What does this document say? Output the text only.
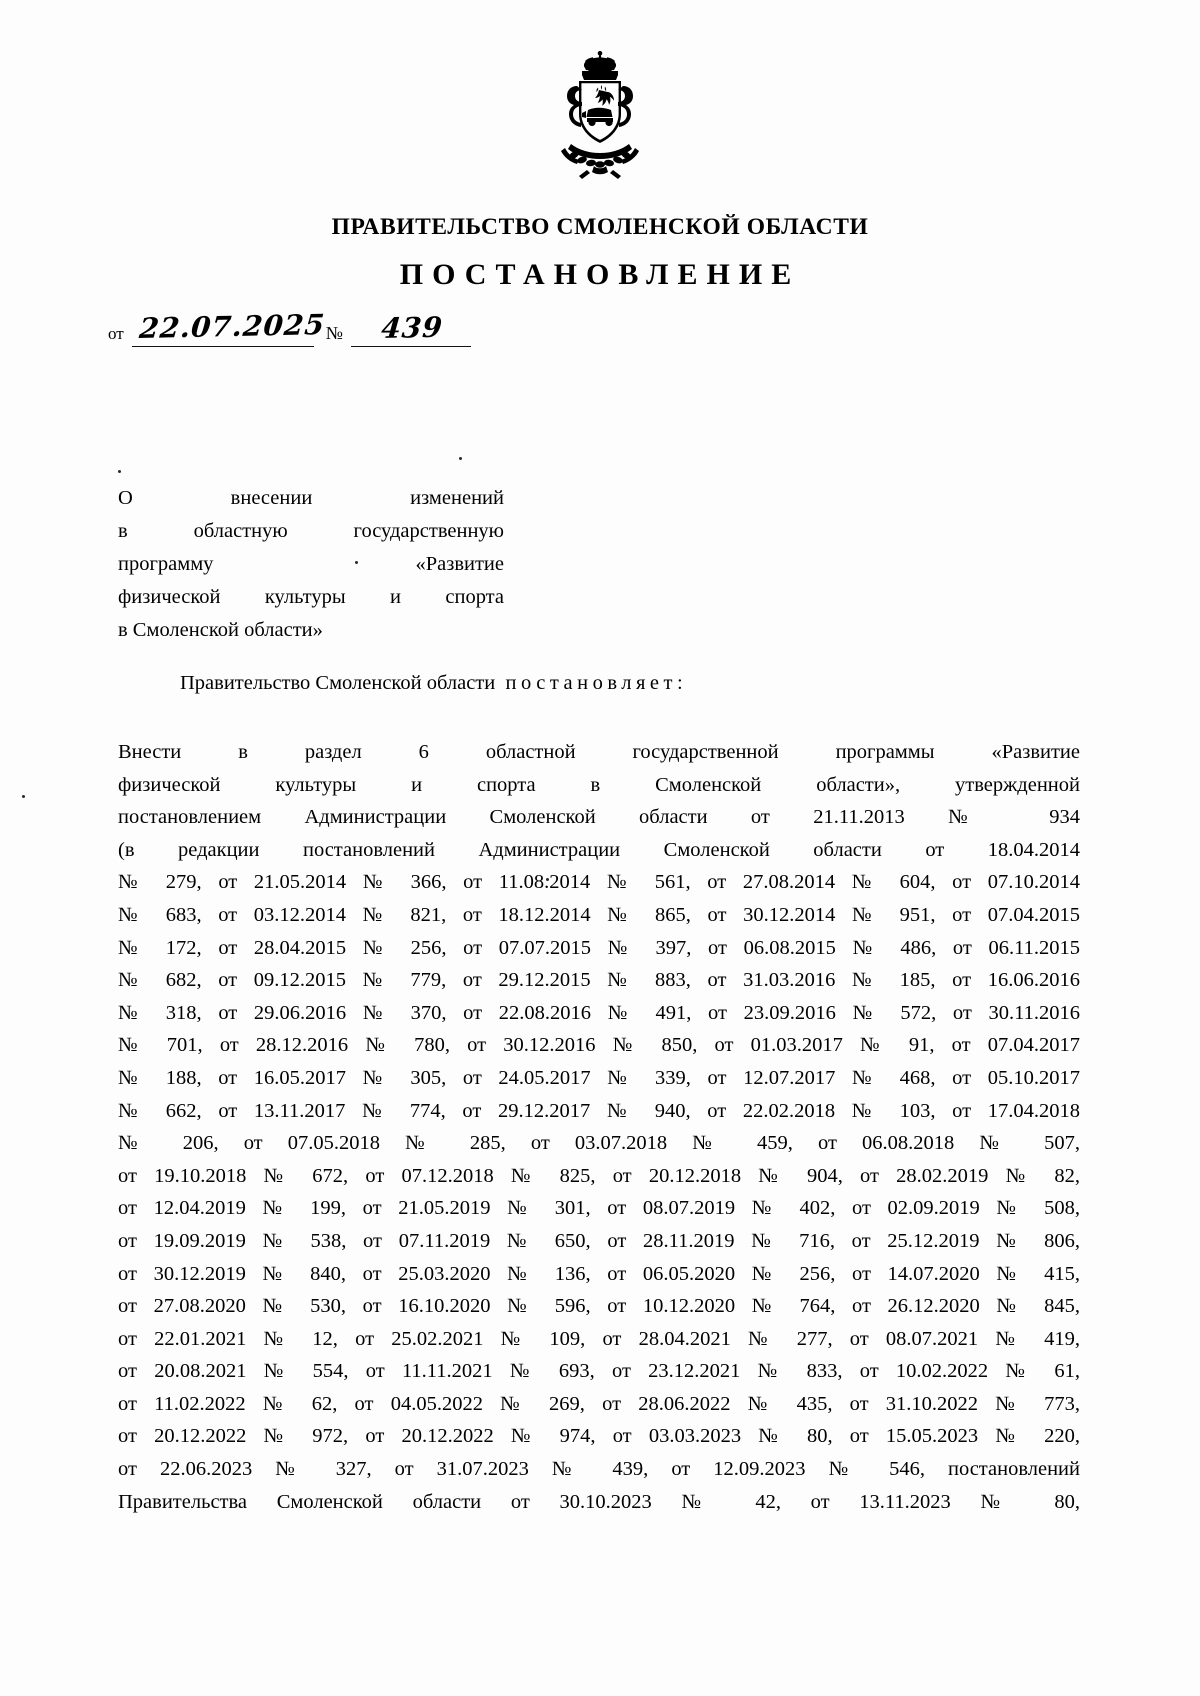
ПРАВИТЕЛЬСТВО СМОЛЕНСКОЙ ОБЛАСТИ
ПОСТАНОВЛЕНИЕ
от 22.07.2025 №	439
О внесении изменений
в областную государственную
программу «Развитие
физической культуры и спорта
в Смоленской области»
Правительство Смоленской области постановляет:
Внести в раздел 6 областной государственной программы «Развитие
физической культуры и спорта в Смоленской области», утвержденной
постановлением Администрации Смоленской области от 21.11.2013 № 934
(в редакции постановлений Администрации Смоленской области от 18.04.2014
№ 279, от 21.05.2014 № 366, от 11.08.2014 № 561, от 27.08.2014 № 604, от 07.10.2014
№ 683, от 03.12.2014 № 821, от 18.12.2014 № 865, от 30.12.2014 № 951, от 07.04.2015
№ 172, от 28.04.2015 № 256, от 07.07.2015 № 397, от 06.08.2015 № 486, от 06.11.2015
№ 682, от 09.12.2015 № 779, от 29.12.2015 № 883, от 31.03.2016 № 185, от 16.06.2016
№ 318, от 29.06.2016 № 370, от 22.08.2016 № 491, от 23.09.2016 № 572, от 30.11.2016
№ 701, от 28.12.2016 № 780, от 30.12.2016 № 850, от 01.03.2017 № 91, от 07.04.2017
№ 188, от 16.05.2017 № 305, от 24.05.2017 № 339, от 12.07.2017 № 468, от 05.10.2017
№ 662, от 13.11.2017 № 774, от 29.12.2017 № 940, от 22.02.2018 № 103, от 17.04.2018
№ 206, от 07.05.2018 № 285, от 03.07.2018 № 459, от 06.08.2018 № 507,
от 19.10.2018 № 672, от 07.12.2018 № 825, от 20.12.2018 № 904, от 28.02.2019 № 82,
от 12.04.2019 № 199, от 21.05.2019 № 301, от 08.07.2019 № 402, от 02.09.2019 № 508,
от 19.09.2019 № 538, от 07.11.2019 № 650, от 28.11.2019 № 716, от 25.12.2019 № 806,
от 30.12.2019 № 840, от 25.03.2020 № 136, от 06.05.2020 № 256, от 14.07.2020 № 415,
от 27.08.2020 № 530, от 16.10.2020 № 596, от 10.12.2020 № 764, от 26.12.2020 № 845,
от 22.01.2021 № 12, от 25.02.2021 № 109, от 28.04.2021 № 277, от 08.07.2021 № 419,
от 20.08.2021 № 554, от 11.11.2021 № 693, от 23.12.2021 № 833, от 10.02.2022 № 61,
от 11.02.2022 № 62, от 04.05.2022 № 269, от 28.06.2022 № 435, от 31.10.2022 № 773,
от 20.12.2022 № 972, от 20.12.2022 № 974, от 03.03.2023 № 80, от 15.05.2023 № 220,
от 22.06.2023 № 327, от 31.07.2023 № 439, от 12.09.2023 № 546, постановлений
Правительства Смоленской области от 30.10.2023 № 42, от 13.11.2023 № 80,
